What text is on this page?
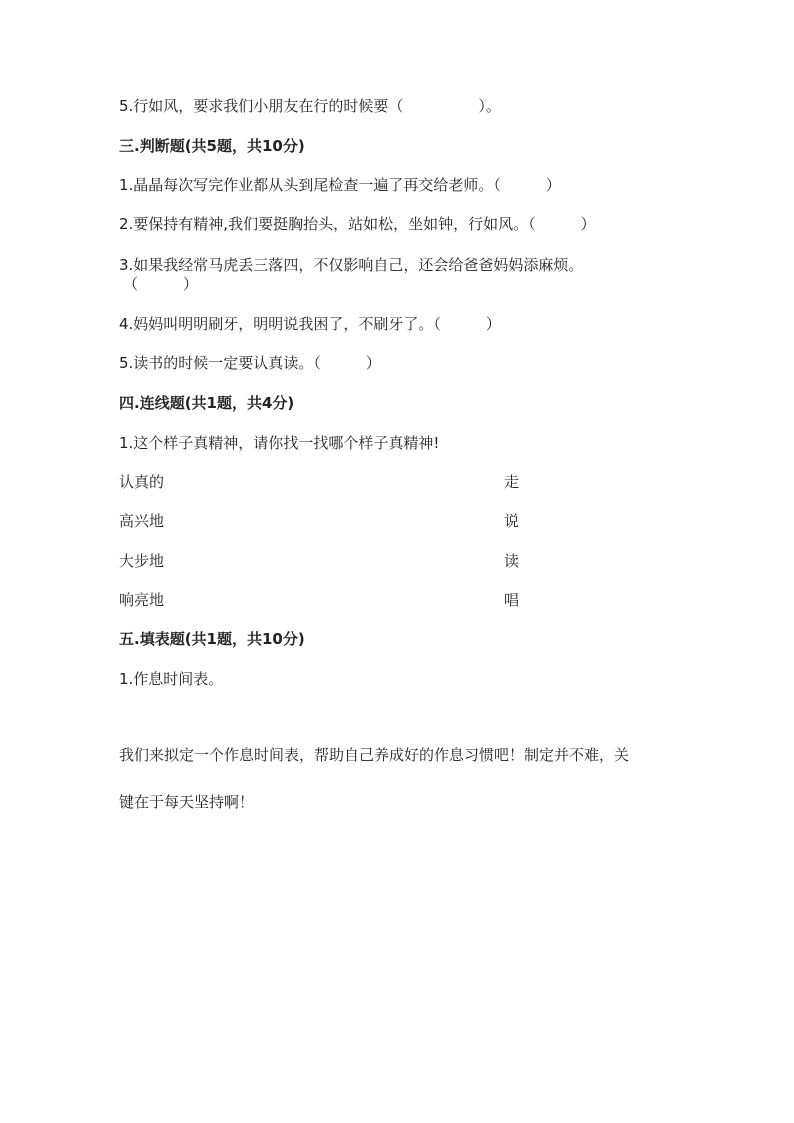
5.行如风，要求我们小朋友在行的时候要（　　　　　）。
三.判断题(共5题，共10分)
1.晶晶每次写完作业都从头到尾检查一遍了再交给老师。（　　　）
2.要保持有精神,我们要挺胸抬头，站如松，坐如钟，行如风。（　　　）
3.如果我经常马虎丢三落四，不仅影响自己，还会给爸爸妈妈添麻烦。
（　　　）
4.妈妈叫明明刷牙，明明说我困了，不刷牙了。（　　　）
5.读书的时候一定要认真读。（　　　）
四.连线题(共1题，共4分)
1.这个样子真精神，请你找一找哪个样子真精神!
认真的	走
高兴地	说
大步地	读
响亮地	唱
五.填表题(共1题，共10分)
1.作息时间表。
我们来拟定一个作息时间表，帮助自己养成好的作息习惯吧！制定并不难，关
键在于每天坚持啊！
